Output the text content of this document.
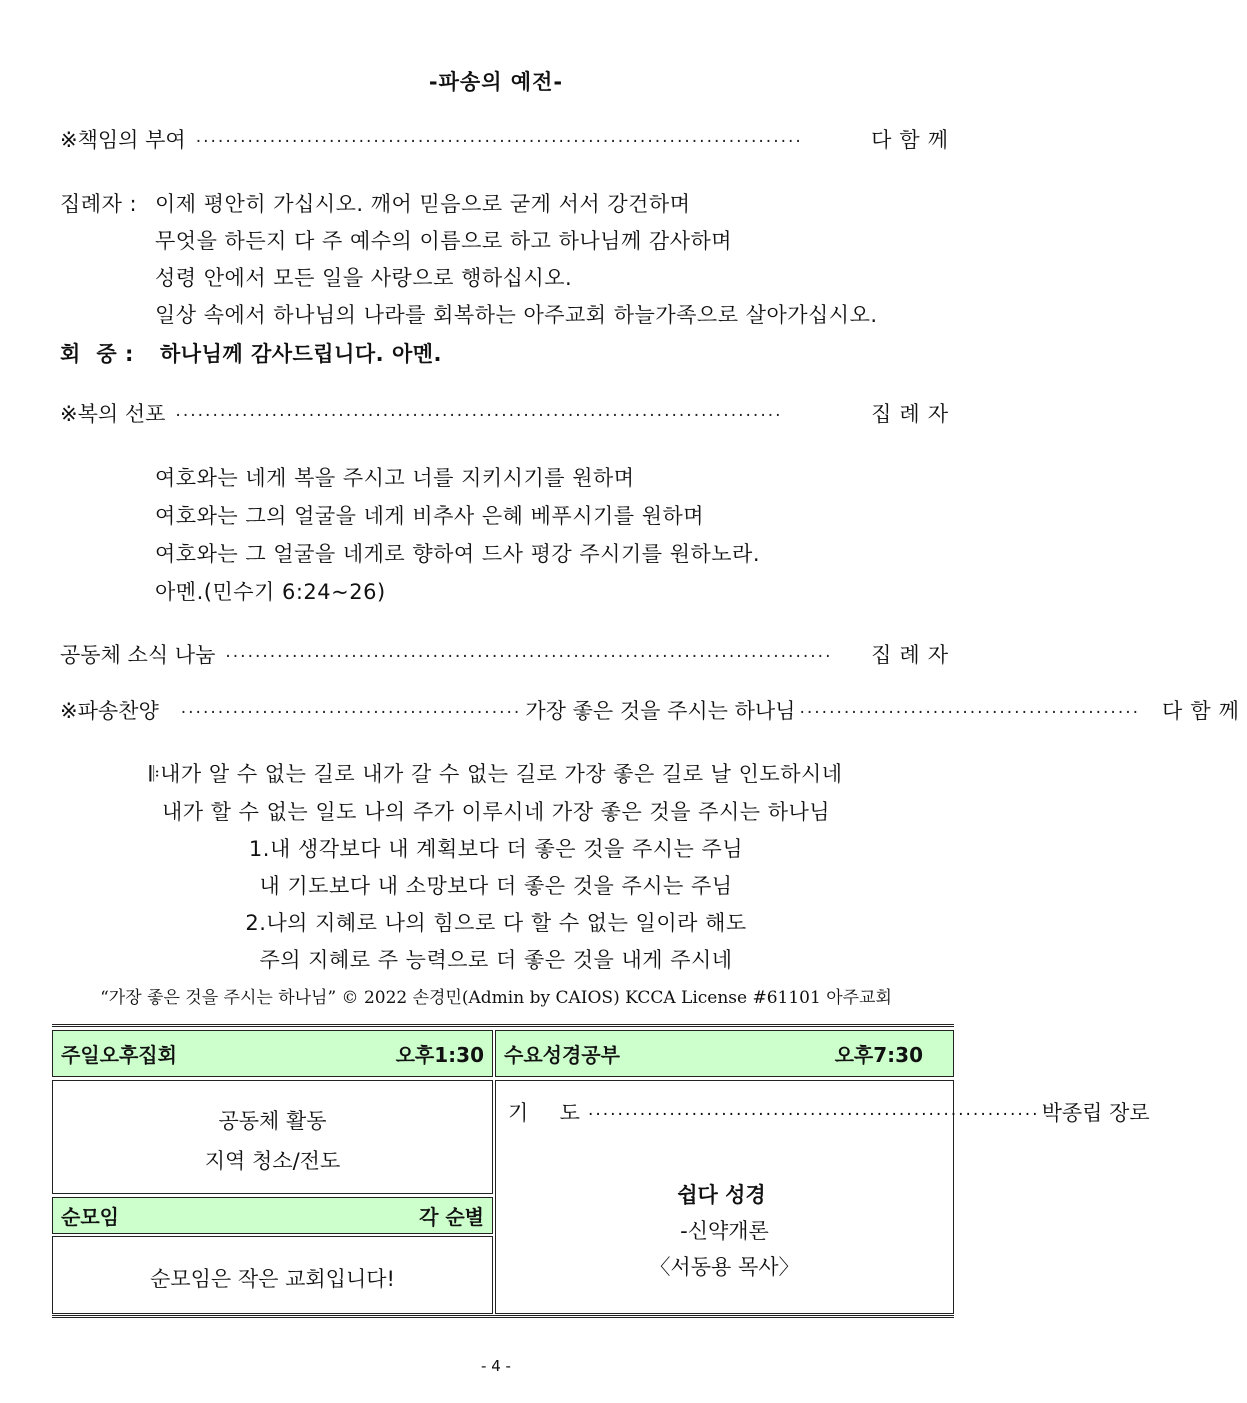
-파송의 예전-
※책임의 부여 ··················································································	다함께
집례자 : 이제 평안히 가십시오. 깨어 믿음으로 굳게 서서 강건하며
무엇을 하든지 다 주 예수의 이름으로 하고 하나님께 감사하며
성령 안에서 모든 일을 사랑으로 행하십시오.
일상 속에서 하나님의 나라를 회복하는 아주교회 하늘가족으로 살아가십시오.
회  중 : 하나님께 감사드립니다. 아멘.
※복의 선포 ··················································································	집례자
여호와는 네게 복을 주시고 너를 지키시기를 원하며
여호와는 그의 얼굴을 네게 비추사 은혜 베푸시기를 원하며
여호와는 그 얼굴을 네게로 향하여 드사 평강 주시기를 원하노라.
아멘.(민수기 6:24~26)
공동체 소식 나눔 ··················································································	집례자
※파송찬양 ·············································· 가장 좋은 것을 주시는 하나님 ·············································· 다함께
𝄆내가 알 수 없는 길로 내가 갈 수 없는 길로 가장 좋은 길로 날 인도하시네
내가 할 수 없는 일도 나의 주가 이루시네 가장 좋은 것을 주시는 하나님
1.내 생각보다 내 계획보다 더 좋은 것을 주시는 주님
내 기도보다 내 소망보다 더 좋은 것을 주시는 주님
2.나의 지혜로 나의 힘으로 다 할 수 없는 일이라 해도
주의 지혜로 주 능력으로 더 좋은 것을 내게 주시네
“가장 좋은 것을 주시는 하나님” © 2022 손경민(Admin by CAIOS) KCCA License #61101 아주교회
주일오후집회	오후1:30 수요성경공부	오후7:30
공동체 활동
지역 청소/전도
순모임	각 순별
순모임은 작은 교회입니다!
기  도 ····························································· 박종립 장로
쉽다 성경
-신약개론
〈서동용 목사〉
- 4 -
